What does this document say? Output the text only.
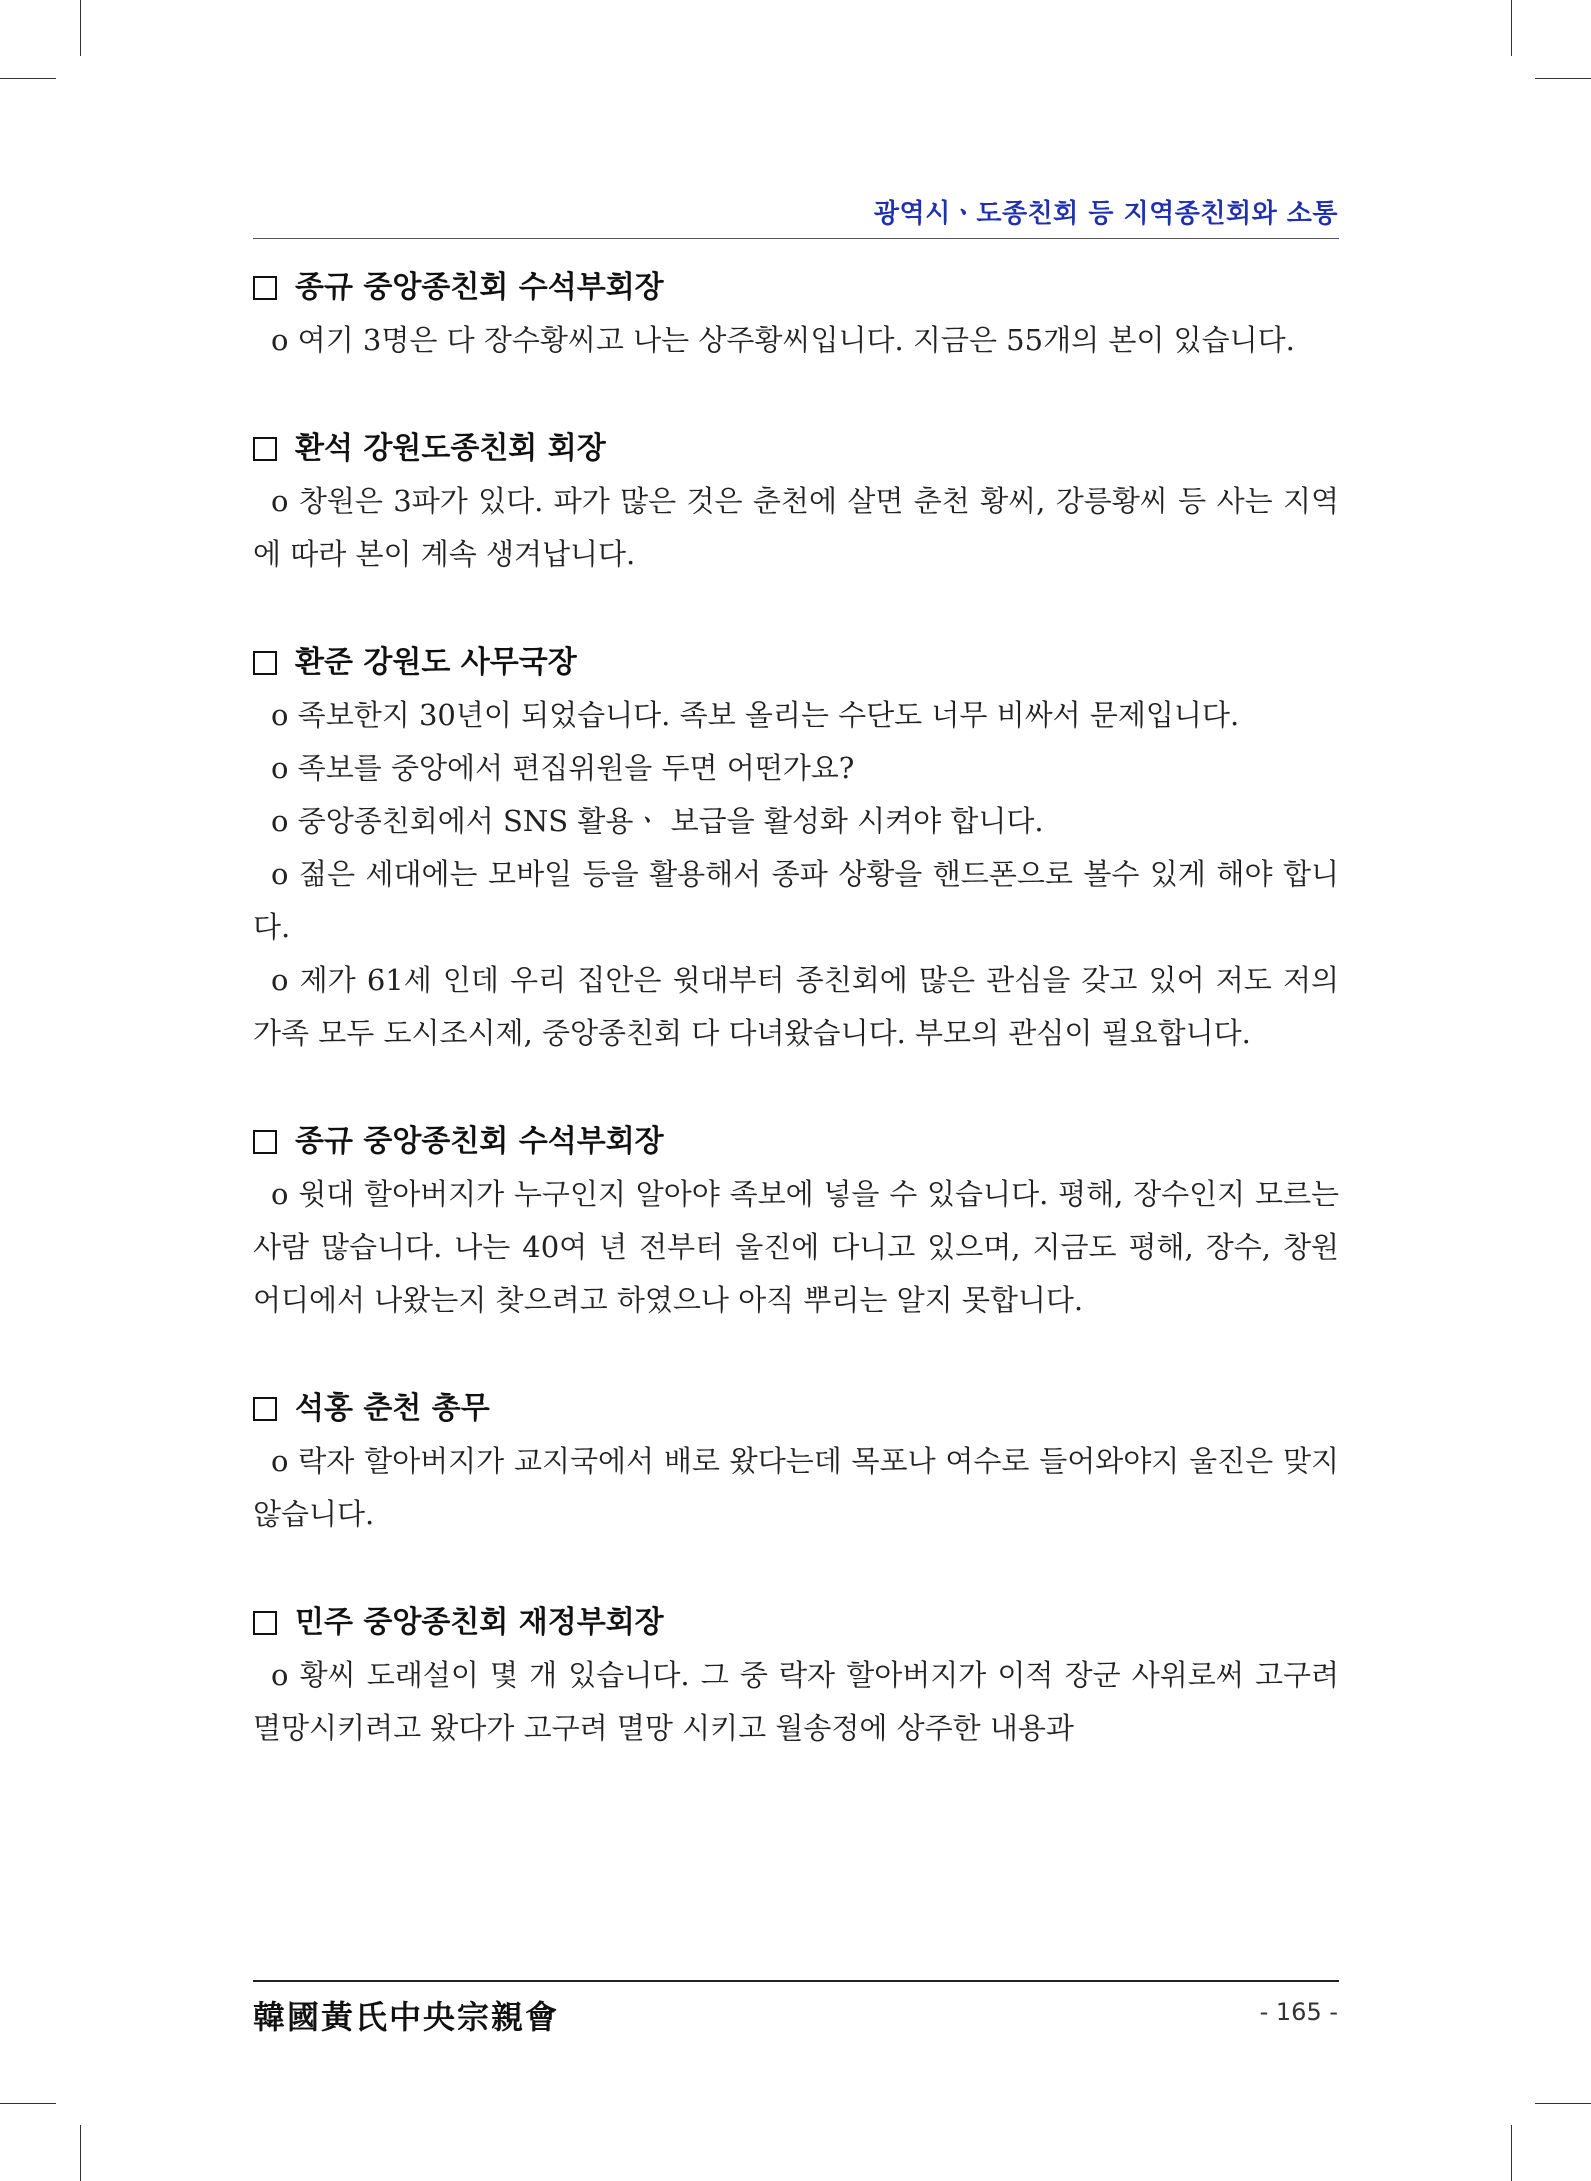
광역시ㆍ도종친회 등 지역종친회와 소통
종규 중앙종친회 수석부회장
o 여기 3명은 다 장수황씨고 나는 상주황씨입니다. 지금은 55개의 본이 있습니다.
환석 강원도종친회 회장
o 창원은 3파가 있다. 파가 많은 것은 춘천에 살면 춘천 황씨, 강릉황씨 등 사는 지역에 따라 본이 계속 생겨납니다.
환준 강원도 사무국장
o 족보한지 30년이 되었습니다. 족보 올리는 수단도 너무 비싸서 문제입니다.
o 족보를 중앙에서 편집위원을 두면 어떤가요?
o 중앙종친회에서 SNS 활용ㆍ 보급을 활성화 시켜야 합니다.
o 젊은 세대에는 모바일 등을 활용해서 종파 상황을 핸드폰으로 볼수 있게 해야 합니다.
o 제가 61세 인데 우리 집안은 윗대부터 종친회에 많은 관심을 갖고 있어 저도 저의 가족 모두 도시조시제, 중앙종친회 다 다녀왔습니다. 부모의 관심이 필요합니다.
종규 중앙종친회 수석부회장
o 윗대 할아버지가 누구인지 알아야 족보에 넣을 수 있습니다. 평해, 장수인지 모르는 사람 많습니다. 나는 40여 년 전부터 울진에 다니고 있으며, 지금도 평해, 장수, 창원 어디에서 나왔는지 찾으려고 하였으나 아직 뿌리는 알지 못합니다.
석홍 춘천 총무
o 락자 할아버지가 교지국에서 배로 왔다는데 목포나 여수로 들어와야지 울진은 맞지 않습니다.
민주 중앙종친회 재정부회장
o 황씨 도래설이 몇 개 있습니다. 그 중 락자 할아버지가 이적 장군 사위로써 고구려 멸망시키려고 왔다가 고구려 멸망 시키고 월송정에 상주한 내용과
韓國黃氏中央宗親會	- 165 -
